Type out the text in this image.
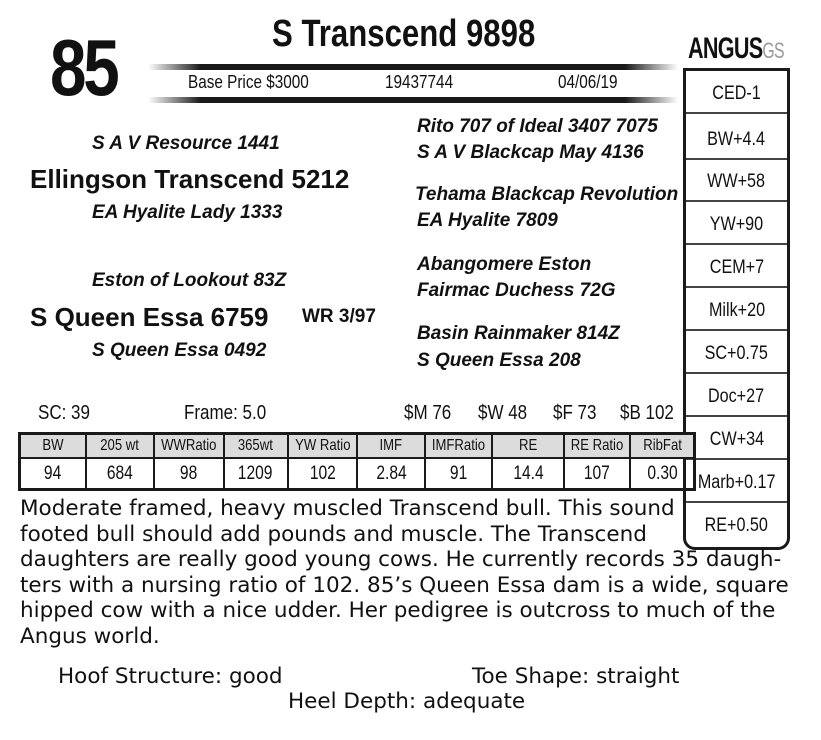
85	S Transcend 9898
Base Price $3000	19437744	04/06/19
S A V Resource 1441
Ellingson Transcend 5212
EA Hyalite Lady 1333
Rito 707 of Ideal 3407 7075
S A V Blackcap May 4136
Tehama Blackcap Revolution
EA Hyalite 7809
Eston of Lookout 83Z
S Queen Essa 6759 WR 3/97
S Queen Essa 0492
Abangomere Eston
Fairmac Duchess 72G
Basin Rainmaker 814Z
S Queen Essa 208
ANGUSGS
CED-1
BW+4.4
WW+58
YW+90
CEM+7
Milk+20
SC+0.75
Doc+27
CW+34
Marb+0.17
RE+0.50
SC: 39	Frame: 5.0	$M 76 $W 48 $F 73 $B 102
BW	205 wt	WWRatio	365wt	YW Ratio	IMF	IMFRatio	RE	RE Ratio	RibFat
94	684	98	1209	102	2.84	91	14.4	107	0.30

Moderate framed, heavy muscled Transcend bull. This sound

footed bull should add pounds and muscle. The Transcend

daughters are really good young cows. He currently records 35 daugh-

ters with a nursing ratio of 102. 85’s Queen Essa dam is a wide, square

hipped cow with a nice udder. Her pedigree is outcross to much of the

Angus world.

Hoof Structure: good	Toe Shape: straight
Heel Depth: adequate
